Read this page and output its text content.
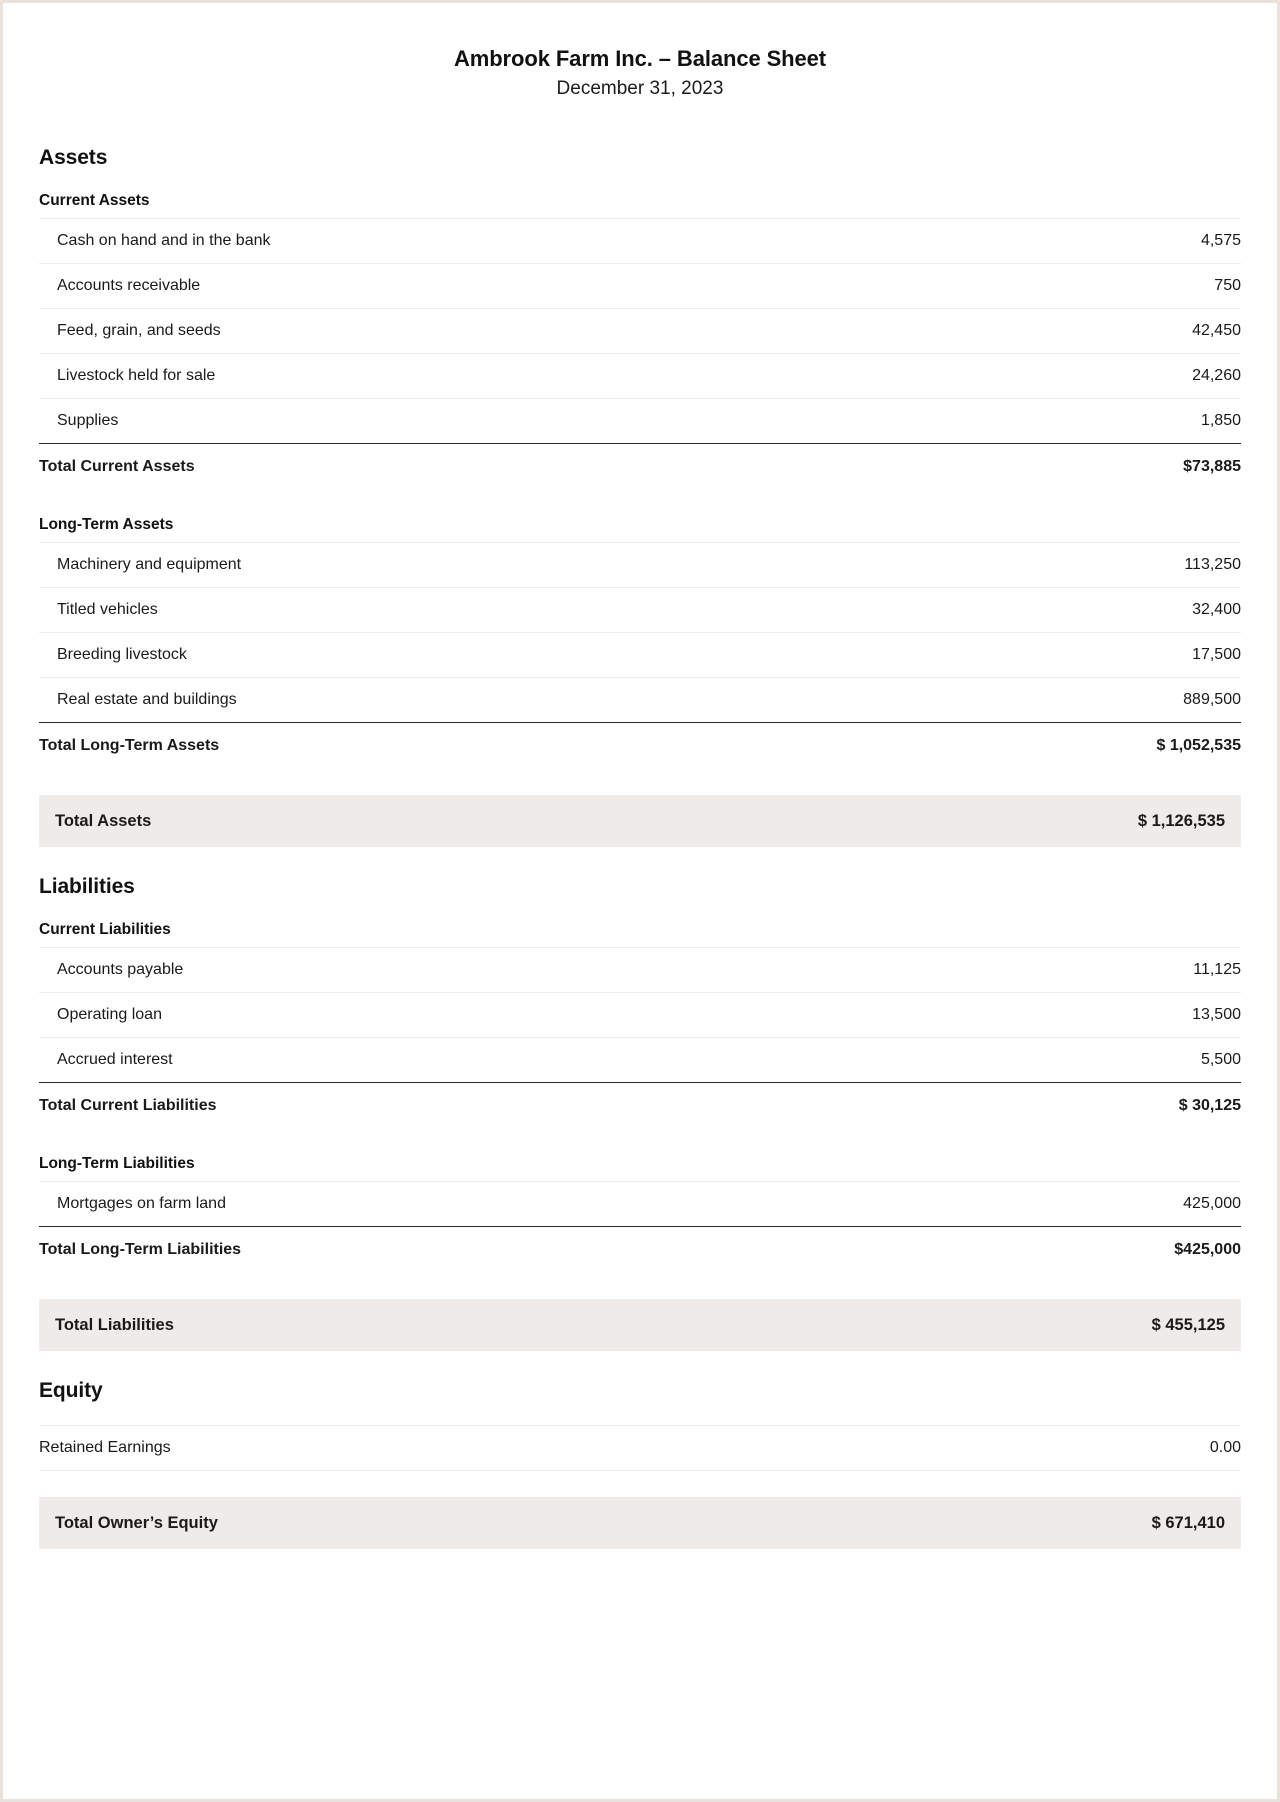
Ambrook Farm Inc. – Balance Sheet
December 31, 2023
Assets
Current Assets
Cash on hand and in the bank	4,575
Accounts receivable	750
Feed, grain, and seeds	42,450
Livestock held for sale	24,260
Supplies	1,850
Total Current Assets	$73,885
Long-Term Assets
Machinery and equipment	113,250
Titled vehicles	32,400
Breeding livestock	17,500
Real estate and buildings	889,500
Total Long-Term Assets	$ 1,052,535
Total Assets	$ 1,126,535
Liabilities
Current Liabilities
Accounts payable	11,125
Operating loan	13,500
Accrued interest	5,500
Total Current Liabilities	$ 30,125
Long-Term Liabilities
Mortgages on farm land	425,000
Total Long-Term Liabilities	$425,000
Total Liabilities	$ 455,125
Equity
Retained Earnings	0.00
Total Owner’s Equity	$ 671,410
